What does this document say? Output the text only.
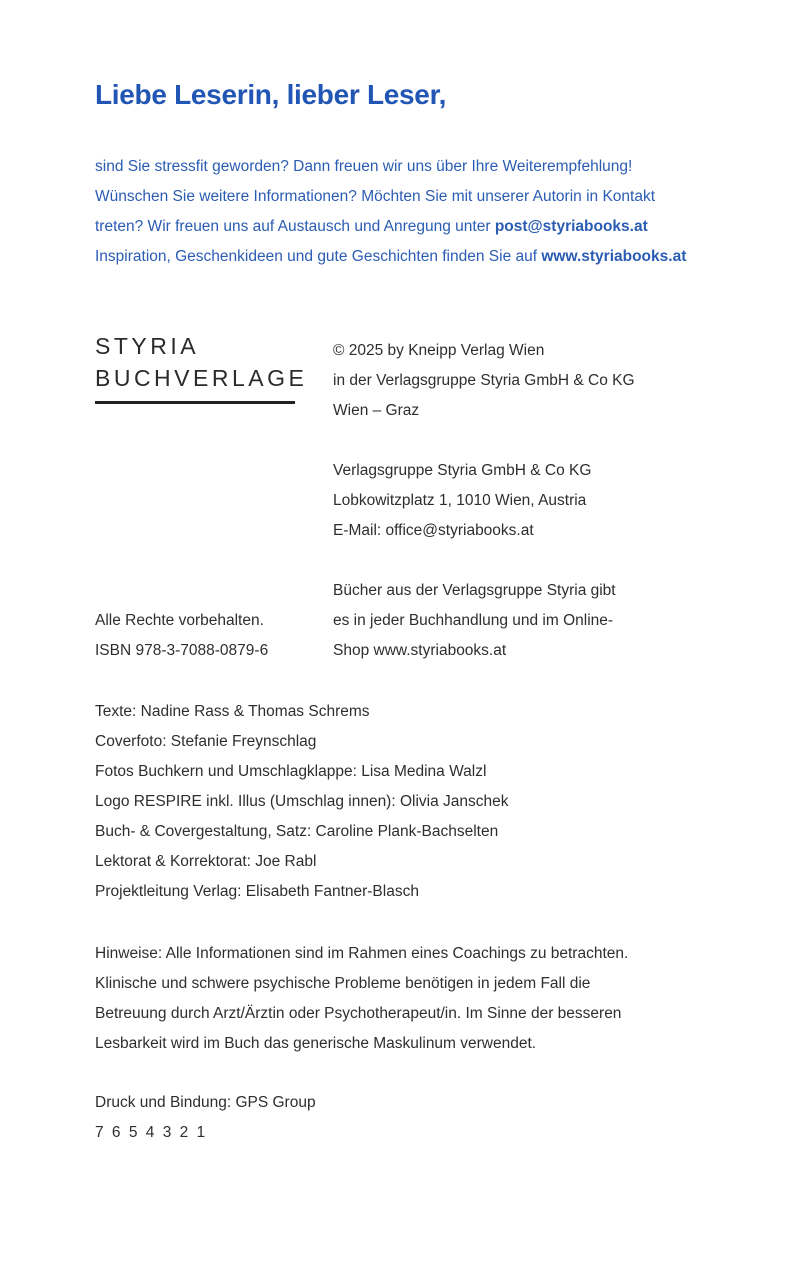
Liebe Leserin, lieber Leser,

sind Sie stressfit geworden? Dann freuen wir uns über Ihre Weiterempfehlung!

Wünschen Sie weitere Informationen? Möchten Sie mit unserer Autorin in Kontakt

treten? Wir freuen uns auf Austausch und Anregung unter post@styriabooks.at

Inspiration, Geschenkideen und gute Geschichten finden Sie auf www.styriabooks.at

STYRIA
BUCHVERLAGE

© 2025 by Kneipp Verlag Wien

in der Verlagsgruppe Styria GmbH & Co KG

Wien – Graz

Verlagsgruppe Styria GmbH & Co KG

Lobkowitzplatz 1, 1010 Wien, Austria

E-Mail: office@styriabooks.at

Bücher aus der Verlagsgruppe Styria gibt

es in jeder Buchhandlung und im Online-

Shop www.styriabooks.at

Alle Rechte vorbehalten.

ISBN 978-3-7088-0879-6

Texte: Nadine Rass & Thomas Schrems

Coverfoto: Stefanie Freynschlag

Fotos Buchkern und Umschlagklappe: Lisa Medina Walzl

Logo RESPIRE inkl. Illus (Umschlag innen): Olivia Janschek

Buch- & Covergestaltung, Satz: Caroline Plank-Bachselten

Lektorat & Korrektorat: Joe Rabl

Projektleitung Verlag: Elisabeth Fantner-Blasch

Hinweise: Alle Informationen sind im Rahmen eines Coachings zu betrachten.

Klinische und schwere psychische Probleme benötigen in jedem Fall die

Betreuung durch Arzt/Ärztin oder Psychotherapeut/in. Im Sinne der besseren

Lesbarkeit wird im Buch das generische Maskulinum verwendet.

Druck und Bindung: GPS Group

7 6 5 4 3 2 1
